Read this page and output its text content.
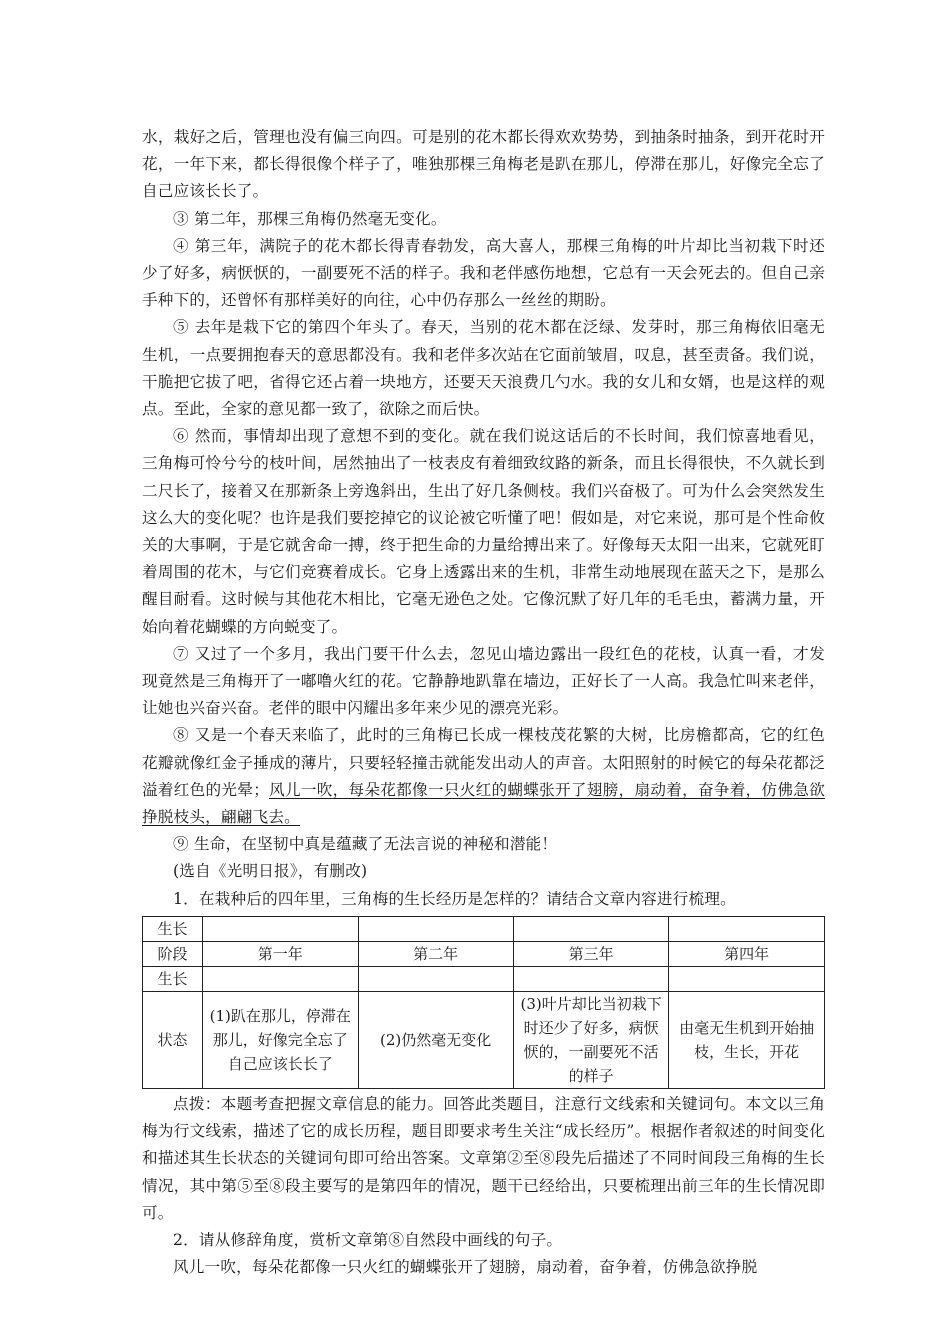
水，栽好之后，管理也没有偏三向四。可是别的花木都长得欢欢势势，到抽条时抽条，到开花时开花，一年下来，都长得很像个样子了，唯独那棵三角梅老是趴在那儿，停滞在那儿，好像完全忘了自己应该长长了。

③ 第二年，那棵三角梅仍然毫无变化。

④ 第三年，满院子的花木都长得青春勃发，高大喜人，那棵三角梅的叶片却比当初栽下时还少了好多，病恹恹的，一副要死不活的样子。我和老伴感伤地想，它总有一天会死去的。但自己亲手种下的，还曾怀有那样美好的向往，心中仍存那么一丝丝的期盼。

⑤ 去年是栽下它的第四个年头了。春天，当别的花木都在泛绿、发芽时，那三角梅依旧毫无生机，一点要拥抱春天的意思都没有。我和老伴多次站在它面前皱眉，叹息，甚至责备。我们说，干脆把它拔了吧，省得它还占着一块地方，还要天天浪费几勺水。我的女儿和女婿，也是这样的观点。至此，全家的意见都一致了，欲除之而后快。

⑥ 然而，事情却出现了意想不到的变化。就在我们说这话后的不长时间，我们惊喜地看见，三角梅可怜兮兮的枝叶间，居然抽出了一枝表皮有着细致纹路的新条，而且长得很快，不久就长到二尺长了，接着又在那新条上旁逸斜出，生出了好几条侧枝。我们兴奋极了。可为什么会突然发生这么大的变化呢？也许是我们要挖掉它的议论被它听懂了吧！假如是，对它来说，那可是个性命攸关的大事啊，于是它就舍命一搏，终于把生命的力量给搏出来了。好像每天太阳一出来，它就死盯着周围的花木，与它们竞赛着成长。它身上透露出来的生机，非常生动地展现在蓝天之下，是那么醒目耐看。这时候与其他花木相比，它毫无逊色之处。它像沉默了好几年的毛毛虫，蓄满力量，开始向着花蝴蝶的方向蜕变了。

⑦ 又过了一个多月，我出门要干什么去，忽见山墙边露出一段红色的花枝，认真一看，才发现竟然是三角梅开了一嘟噜火红的花。它静静地趴靠在墙边，正好长了一人高。我急忙叫来老伴，让她也兴奋兴奋。老伴的眼中闪耀出多年来少见的漂亮光彩。

⑧ 又是一个春天来临了，此时的三角梅已长成一棵枝茂花繁的大树，比房檐都高，它的红色花瓣就像红金子捶成的薄片，只要轻轻撞击就能发出动人的声音。太阳照射的时候它的每朵花都泛溢着红色的光晕；风儿一吹，每朵花都像一只火红的蝴蝶张开了翅膀，扇动着，奋争着，仿佛急欲挣脱枝头，翩翩飞去。

⑨ 生命，在坚韧中真是蕴藏了无法言说的神秘和潜能！

(选自《光明日报》，有删改)

1．在栽种后的四年里，三角梅的生长经历是怎样的？请结合文章内容进行梳理。

生长				
阶段	第一年	第二年	第三年	第四年
生长				
状态	(1)趴在那儿，停滞在那儿，好像完全忘了自己应该长长了	(2)仍然毫无变化	(3)叶片却比当初栽下时还少了好多，病恹恹的，一副要死不活的样子	由毫无生机到开始抽枝，生长，开花

点拨：本题考查把握文章信息的能力。回答此类题目，注意行文线索和关键词句。本文以三角梅为行文线索，描述了它的成长历程，题目即要求考生关注“成长经历”。根据作者叙述的时间变化和描述其生长状态的关键词句即可给出答案。文章第②至⑧段先后描述了不同时间段三角梅的生长情况，其中第⑤至⑧段主要写的是第四年的情况，题干已经给出，只要梳理出前三年的生长情况即可。

2．请从修辞角度，赏析文章第⑧自然段中画线的句子。

风儿一吹，每朵花都像一只火红的蝴蝶张开了翅膀，扇动着，奋争着，仿佛急欲挣脱
